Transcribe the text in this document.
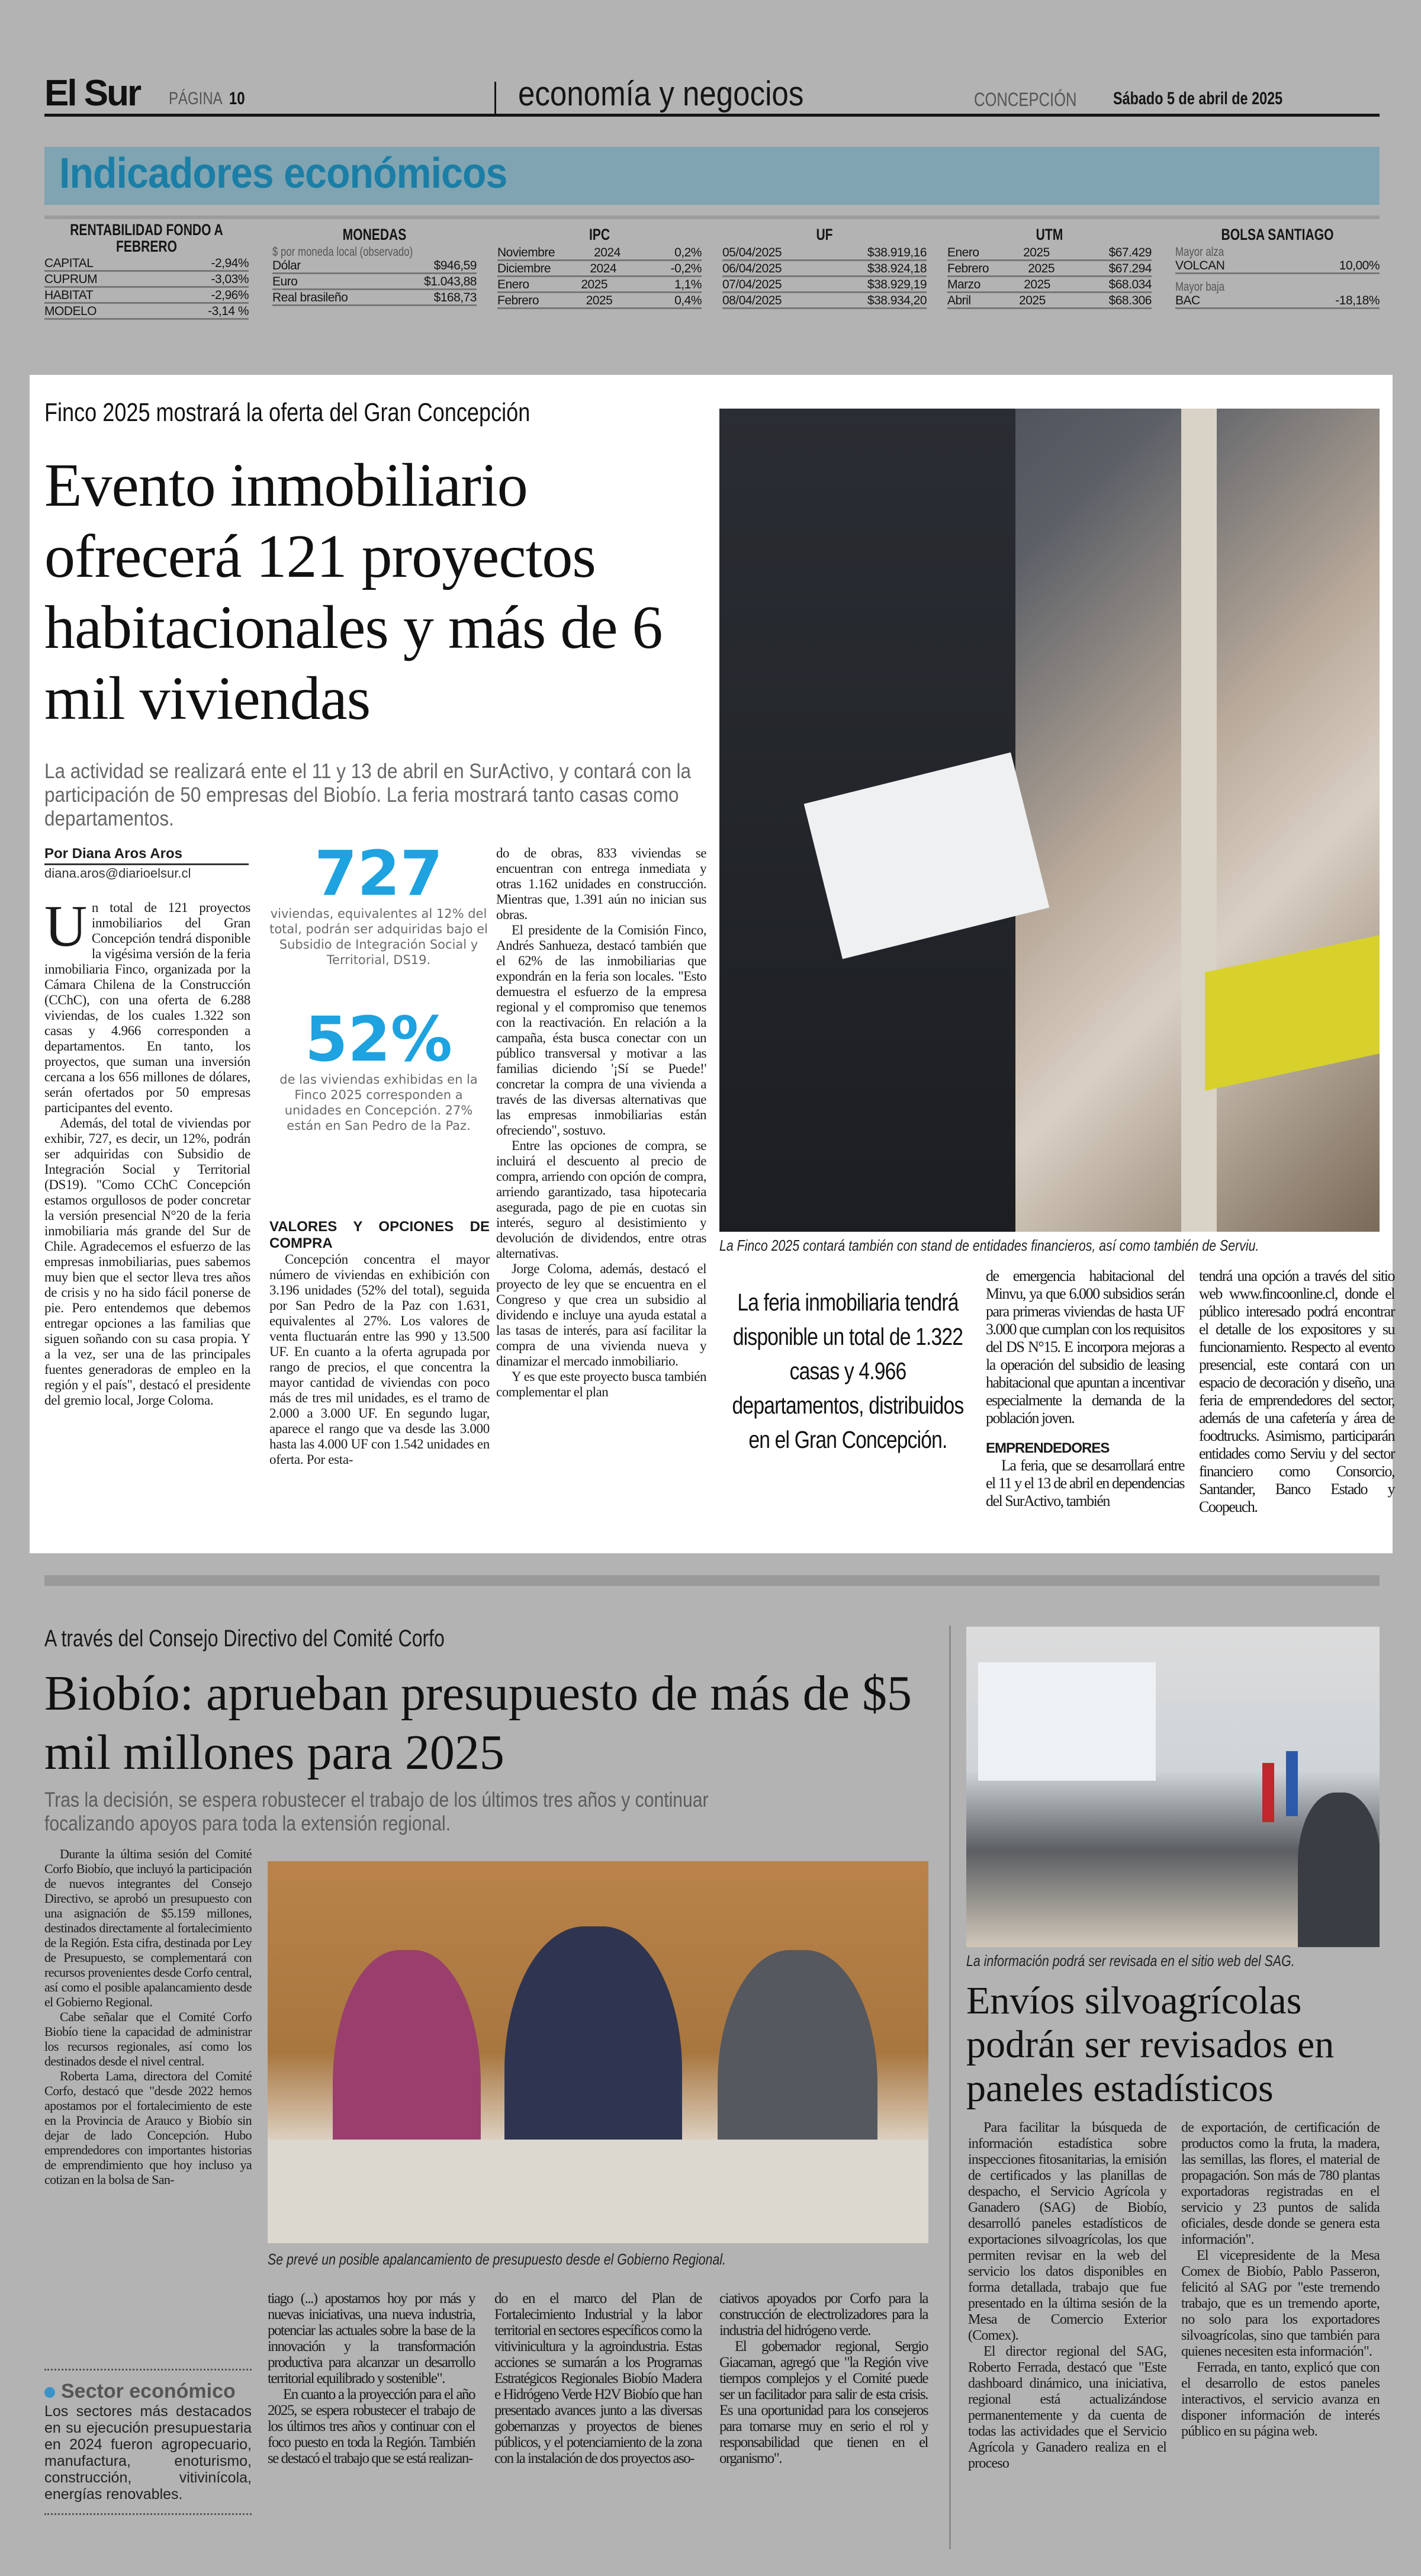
El Sur PÁGINA 10	economía y negocios	CONCEPCIÓN Sábado 5 de abril de 2025
Indicadores económicos
RENTABILIDAD FONDO A FEBRERO
CAPITAL	-2,94%
CUPRUM	-3,03%
HABITAT	-2,96%
MODELO	-3,14 %
MONEDAS
$ por moneda local (observado)
Dólar	$946,59
Euro	$1.043,88
Real brasileño	$168,73
IPC
Noviembre	2024	0,2%
Diciembre	2024	-0,2%
Enero	2025	1,1%
Febrero	2025	0,4%
UF
05/04/2025	$38.919,16
06/04/2025	$38.924,18
07/04/2025	$38.929,19
08/04/2025	$38.934,20
UTM
Enero	2025	$67.429
Febrero	2025	$67.294
Marzo	2025	$68.034
Abril	2025	$68.306
BOLSA SANTIAGO
Mayor alza
VOLCAN	10,00%
Mayor baja
BAC	-18,18%
Finco 2025 mostrará la oferta del Gran Concepción
Evento inmobiliario ofrecerá 121 proyectos habitacionales y más de 6 mil viviendas
La actividad se realizará ente el 11 y 13 de abril en SurActivo, y contará con la participación de 50 empresas del Biobío. La feria mostrará tanto casas como departamentos.
La Finco 2025 contará también con stand de entidades financieros, así como también de Serviu.
Por Diana Aros Aros
diana.aros@diarioelsur.cl
U n total de 121 proyectos inmobiliarios del Gran Concepción tendrá disponible la vigésima versión de la feria inmobiliaria Finco, organizada por la Cámara Chilena de la Construcción (CChC), con una oferta de 6.288 viviendas, de los cuales 1.322 son casas y 4.966 corresponden a departamentos. En tanto, los proyectos, que suman una inversión cercana a los 656 millones de dólares, serán ofertados por 50 empresas participantes del evento.

Además, del total de viviendas por exhibir, 727, es decir, un 12%, podrán ser adquiridas con Subsidio de Integración Social y Territorial (DS19). "Como CChC Concepción estamos orgullosos de poder concretar la versión presencial N°20 de la feria inmobiliaria más grande del Sur de Chile. Agradecemos el esfuerzo de las empresas inmobiliarias, pues sabemos muy bien que el sector lleva tres años de crisis y no ha sido fácil ponerse de pie. Pero entendemos que debemos entregar opciones a las familias que siguen soñando con su casa propia. Y a la vez, ser una de las principales fuentes generadoras de empleo en la región y el país", destacó el presidente del gremio local, Jorge Coloma.

727
viviendas, equivalentes al 12% del total, podrán ser adquiridas bajo el Subsidio de Integración Social y Territorial, DS19.
52%
de las viviendas exhibidas en la Finco 2025 corresponden a unidades en Concepción. 27% están en San Pedro de la Paz.
VALORES Y OPCIONES DE COMPRA

Concepción concentra el mayor número de viviendas en exhibición con 3.196 unidades (52% del total), seguida por San Pedro de la Paz con 1.631, equivalentes al 27%. Los valores de venta fluctuarán entre las 990 y 13.500 UF. En cuanto a la oferta agrupada por rango de precios, el que concentra la mayor cantidad de viviendas con poco más de tres mil unidades, es el tramo de 2.000 a 3.000 UF. En segundo lugar, aparece el rango que va desde las 3.000 hasta las 4.000 UF con 1.542 unidades en oferta. Por esta-

do de obras, 833 viviendas se encuentran con entrega inmediata y otras 1.162 unidades en construcción. Mientras que, 1.391 aún no inician sus obras.

El presidente de la Comisión Finco, Andrés Sanhueza, destacó también que el 62% de las inmobiliarias que expondrán en la feria son locales. "Esto demuestra el esfuerzo de la empresa regional y el compromiso que tenemos con la reactivación. En relación a la campaña, ésta busca conectar con un público transversal y motivar a las familias diciendo '¡Sí se Puede!' concretar la compra de una vivienda a través de las diversas alternativas que las empresas inmobiliarias están ofreciendo", sostuvo.

Entre las opciones de compra, se incluirá el descuento al precio de compra, arriendo con opción de compra, arriendo garantizado, tasa hipotecaria asegurada, pago de pie en cuotas sin interés, seguro al desistimiento y devolución de dividendos, entre otras alternativas.

Jorge Coloma, además, destacó el proyecto de ley que se encuentra en el Congreso y que crea un subsidio al dividendo e incluye una ayuda estatal a las tasas de interés, para así facilitar la compra de una vivienda nueva y dinamizar el mercado inmobiliario.

Y es que este proyecto busca también complementar el plan

La feria inmobiliaria tendrá disponible un total de 1.322 casas y 4.966 departamentos, distribuidos en el Gran Concepción.

de emergencia habitacional del Minvu, ya que 6.000 subsidios serán para primeras viviendas de hasta UF 3.000 que cumplan con los requisitos del DS N°15. E incorpora mejoras a la operación del subsidio de leasing habitacional que apuntan a incentivar especialmente la demanda de la población joven.

EMPRENDEDORES

La feria, que se desarrollará entre el 11 y el 13 de abril en dependencias del SurActivo, también

tendrá una opción a través del sitio web www.fincoonline.cl, donde el público interesado podrá encontrar el detalle de los expositores y su funcionamiento. Respecto al evento presencial, este contará con un espacio de decoración y diseño, una feria de emprendedores del sector, además de una cafetería y área de foodtrucks. Asimismo, participarán entidades como Serviu y del sector financiero como Consorcio, Santander, Banco Estado y Coopeuch.

A través del Consejo Directivo del Comité Corfo
Biobío: aprueban presupuesto de más de $5 mil millones para 2025
Tras la decisión, se espera robustecer el trabajo de los últimos tres años y continuar focalizando apoyos para toda la extensión regional.

Durante la última sesión del Comité Corfo Biobío, que incluyó la participación de nuevos integrantes del Consejo Directivo, se aprobó un presupuesto con una asignación de $5.159 millones, destinados directamente al fortalecimiento de la Región. Esta cifra, destinada por Ley de Presupuesto, se complementará con recursos provenientes desde Corfo central, así como el posible apalancamiento desde el Gobierno Regional.

Cabe señalar que el Comité Corfo Biobío tiene la capacidad de administrar los recursos regionales, así como los destinados desde el nivel central.

Roberta Lama, directora del Comité Corfo, destacó que "desde 2022 hemos apostamos por el fortalecimiento de este en la Provincia de Arauco y Biobío sin dejar de lado Concepción. Hubo emprendedores con importantes historias de emprendimiento que hoy incluso ya cotizan en la bolsa de San-

Se prevé un posible apalancamiento de presupuesto desde el Gobierno Regional.

tiago (...) apostamos hoy por más y nuevas iniciativas, una nueva industria, potenciar las actuales sobre la base de la innovación y la transformación productiva para alcanzar un desarrollo territorial equilibrado y sostenible".

En cuanto a la proyección para el año 2025, se espera robustecer el trabajo de los últimos tres años y continuar con el foco puesto en toda la Región. También se destacó el trabajo que se está realizan-

do en el marco del Plan de Fortalecimiento Industrial y la labor territorial en sectores específicos como la vitivinicultura y la agroindustria. Estas acciones se sumarán a los Programas Estratégicos Regionales Biobío Madera e Hidrógeno Verde H2V Biobío que han presentado avances junto a las diversas gobernanzas y proyectos de bienes públicos, y el potenciamiento de la zona con la instalación de dos proyectos aso-

ciativos apoyados por Corfo para la construcción de electrolizadores para la industria del hidrógeno verde.

El gobernador regional, Sergio Giacaman, agregó que "la Región vive tiempos complejos y el Comité puede ser un facilitador para salir de esta crisis. Es una oportunidad para los consejeros para tomarse muy en serio el rol y responsabilidad que tienen en el organismo".

Sector económico
Los sectores más destacados en su ejecución presupuestaria en 2024 fueron agropecuario, manufactura, enoturismo, construcción, vitivinícola, energías renovables.
La información podrá ser revisada en el sitio web del SAG.
Envíos silvoagrícolas podrán ser revisados en paneles estadísticos

Para facilitar la búsqueda de información estadística sobre inspecciones fitosanitarias, la emisión de certificados y las planillas de despacho, el Servicio Agrícola y Ganadero (SAG) de Biobío, desarrolló paneles estadísticos de exportaciones silvoagrícolas, los que permiten revisar en la web del servicio los datos disponibles en forma detallada, trabajo que fue presentado en la última sesión de la Mesa de Comercio Exterior (Comex).

El director regional del SAG, Roberto Ferrada, destacó que "Este dashboard dinámico, una iniciativa, regional está actualizándose permanentemente y da cuenta de todas las actividades que el Servicio Agrícola y Ganadero realiza en el proceso

de exportación, de certificación de productos como la fruta, la madera, las semillas, las flores, el material de propagación. Son más de 780 plantas exportadoras registradas en el servicio y 23 puntos de salida oficiales, desde donde se genera esta información".

El vicepresidente de la Mesa Comex de Biobío, Pablo Passeron, felicitó al SAG por "este tremendo trabajo, que es un tremendo aporte, no solo para los exportadores silvoagrícolas, sino que también para quienes necesiten esta información".

Ferrada, en tanto, explicó que con el desarrollo de estos paneles interactivos, el servicio avanza en disponer información de interés público en su página web.
